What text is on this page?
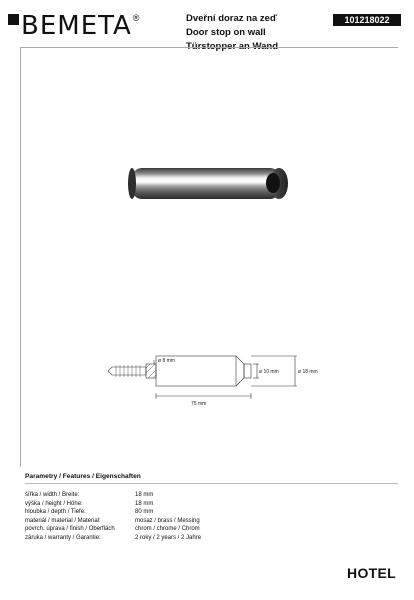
BEMETA ®	Dveřní doraz na zeď
Door stop on wall
Türstopper an Wand
101218022
ø 8 mm
ø 10 mm	ø 18 mm
75 mm
Parametry / Features / Eigenschaften
šířka / width / Breite:	18 mm
výška / height / Höhe:	18 mm
hloubka / depth / Tiefe:	80 mm
materiál / material / Material:	mosaz / brass / Messing
povrch. úprava / finish / Oberfläch	chrom / chrome / Chrom
záruka / warranty / Garantie:	2 roky / 2 years / 2 Jahre
HOTEL
